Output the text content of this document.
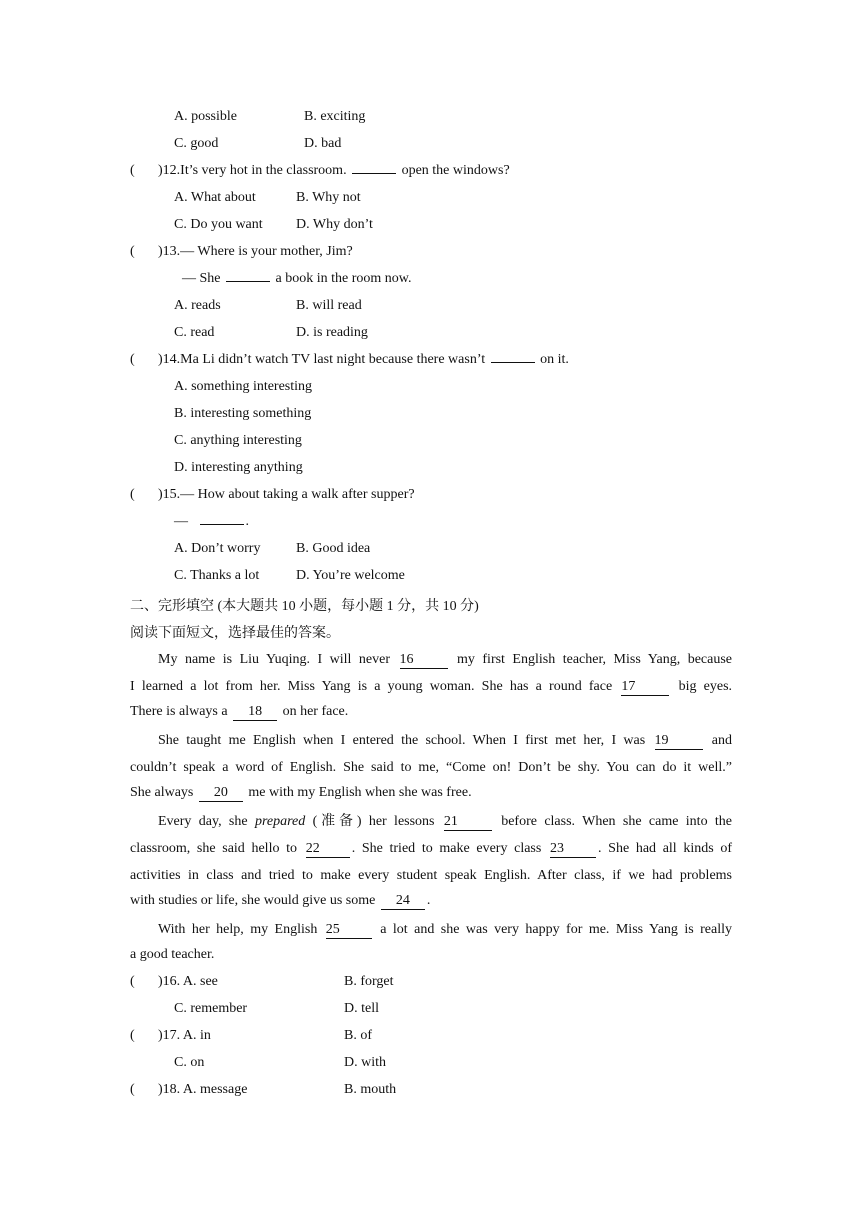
A. possible	B. exciting
C. good	D. bad
( )12.It’s very hot in the classroom.	open the windows?
A. What about	B. Why not
C. Do you want D. Why don’t
( )13.— Where is your mother, Jim?
— She	a book in the room now.
A. reads	B. will read
C. read	D. is reading
( )14.Ma Li didn’t watch TV last night because there wasn’t	on it.
A. something interesting
B. interesting something
C. anything interesting
D. interesting anything
( )15.— How about taking a walk after supper?
—	.
A. Don’t worry	B. Good idea
C. Thanks a lot	D. You’re welcome
二、完形填空 (本大题共 10 小题，每小题 1 分，共 10 分)
阅读下面短文，选择最佳的答案。
My name is Liu Yuqing. I will never 16	my first English teacher, Miss Yang, because
I learned a lot from her. Miss Yang is a young woman. She has a round face 17	big eyes.
There is always a 18 on her face.
She taught me English when I entered the school. When I first met her, I was 19	and
couldn’t speak a word of English. She said to me, “Come on! Don’t be shy. You can do it well.”
She always 20 me with my English when she was free.
Every day, she prepared (准备) her lessons 21	before class. When she came into the
classroom, she said hello to 22 . She tried to make every class 23 . She had all kinds of
activities in class and tried to make every student speak English. After class, if we had problems
with studies or life, she would give us some 24 .
With her help, my English 25	a lot and she was very happy for me. Miss Yang is really
a good teacher.
( )16. A. see	B. forget
C. remember	D. tell
( )17. A. in	B. of
C. on	D. with
( )18. A. message	B. mouth
